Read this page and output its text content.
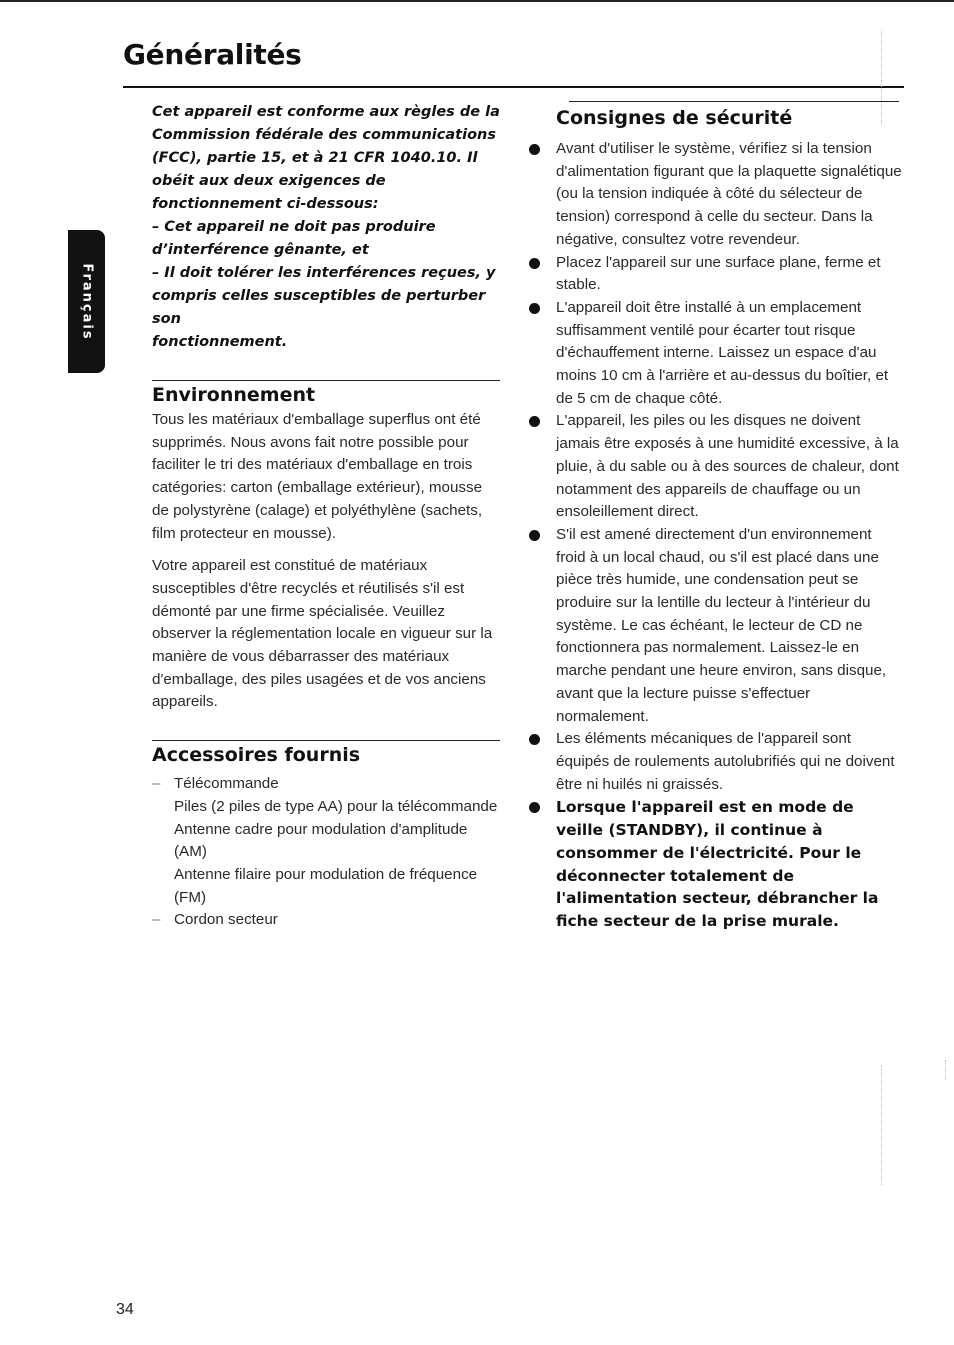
Généralités
Français

Cet appareil est conforme aux règles de la

Commission fédérale des communications

(FCC), partie 15, et à 21 CFR 1040.10. Il

obéit aux deux exigences de

fonctionnement ci-dessous:

– Cet appareil ne doit pas produire

d’interférence gênante, et

– Il doit tolérer les interférences reçues, y

compris celles susceptibles de perturber son

fonctionnement.

Environnement

Tous les matériaux d'emballage superflus ont été supprimés. Nous avons fait notre possible pour faciliter le tri des matériaux d'emballage en trois catégories: carton (emballage extérieur), mousse de polystyrène (calage) et polyéthylène (sachets, film protecteur en mousse).

Votre appareil est constitué de matériaux susceptibles d'être recyclés et réutilisés s'il est démonté par une firme spécialisée. Veuillez observer la réglementation locale en vigueur sur la manière de vous débarrasser des matériaux d'emballage, des piles usagées et de vos anciens appareils.

Accessoires fournis
– Télécommande
Piles (2 piles de type AA) pour la télécommande
Antenne cadre pour modulation d'amplitude (AM)
Antenne filaire pour modulation de fréquence (FM)
– Cordon secteur
Consignes de sécurité
Avant d'utiliser le système, vérifiez si la tension d'alimentation figurant que la plaquette signalétique (ou la tension indiquée à côté du sélecteur de tension) correspond à celle du secteur. Dans la négative, consultez votre revendeur.
Placez l'appareil sur une surface plane, ferme et stable.
L'appareil doit être installé à un emplacement suffisamment ventilé pour écarter tout risque d'échauffement interne. Laissez un espace d'au moins 10 cm à l'arrière et au-dessus du boîtier, et de 5 cm de chaque côté.
L'appareil, les piles ou les disques ne doivent jamais être exposés à une humidité excessive, à la pluie, à du sable ou à des sources de chaleur, dont notamment des appareils de chauffage ou un ensoleillement direct.
S'il est amené directement d'un environnement froid à un local chaud, ou s'il est placé dans une pièce très humide, une condensation peut se produire sur la lentille du lecteur à l'intérieur du système. Le cas échéant, le lecteur de CD ne fonctionnera pas normalement. Laissez-le en marche pendant une heure environ, sans disque, avant que la lecture puisse s'effectuer normalement.
Les éléments mécaniques de l'appareil sont équipés de roulements autolubrifiés qui ne doivent être ni huilés ni graissés.
Lorsque l'appareil est en mode de veille (STANDBY), il continue à consommer de l'électricité. Pour le déconnecter totalement de l'alimentation secteur, débrancher la fiche secteur de la prise murale.
34
